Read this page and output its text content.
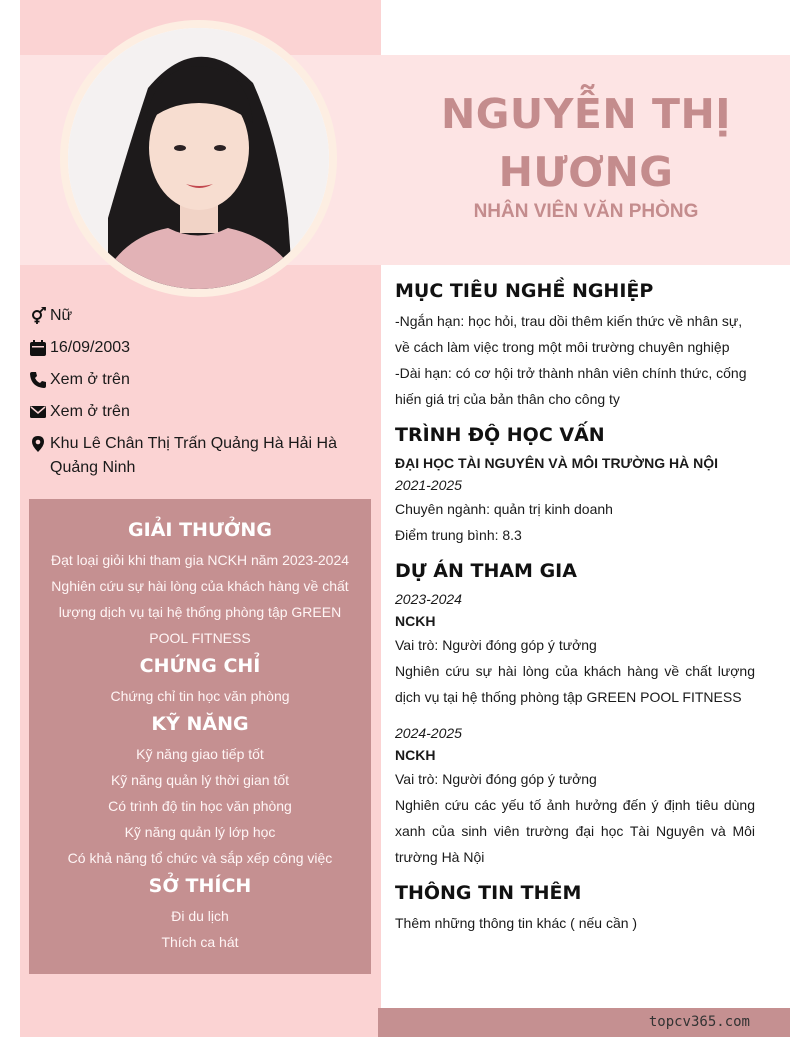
NGUYỄN THỊ
HƯƠNG
NHÂN VIÊN VĂN PHÒNG
Nữ
16/09/2003
Xem ở trên
Xem ở trên
Khu Lê Chân Thị Trấn Quảng Hà Hải Hà Quảng Ninh
GIẢI THƯỞNG
Đạt loại giỏi khi tham gia NCKH năm 2023-2024
Nghiên cứu sự hài lòng của khách hàng về chất lượng dịch vụ tại hệ thống phòng tập GREEN POOL FITNESS
CHỨNG CHỈ
Chứng chỉ tin học văn phòng
KỸ NĂNG
Kỹ năng giao tiếp tốt
Kỹ năng quản lý thời gian tốt
Có trình độ tin học văn phòng
Kỹ năng quản lý lớp học
Có khả năng tổ chức và sắp xếp công việc
SỞ THÍCH
Đi du lịch
Thích ca hát
MỤC TIÊU NGHỀ NGHIỆP
-Ngắn hạn: học hỏi, trau dồi thêm kiến thức về nhân sự, về cách làm việc trong một môi trường chuyên nghiệp
-Dài hạn: có cơ hội trở thành nhân viên chính thức, cống hiến giá trị của bản thân cho công ty
TRÌNH ĐỘ HỌC VẤN
ĐẠI HỌC TÀI NGUYÊN VÀ MÔI TRƯỜNG HÀ NỘI
2021-2025
Chuyên ngành: quản trị kinh doanh
Điểm trung bình: 8.3
DỰ ÁN THAM GIA
2023-2024
NCKH
Vai trò: Người đóng góp ý tưởng
Nghiên cứu sự hài lòng của khách hàng về chất lượng dịch vụ tại hệ thống phòng tập GREEN POOL FITNESS
2024-2025
NCKH
Vai trò: Người đóng góp ý tưởng
Nghiên cứu các yếu tố ảnh hưởng đến ý định tiêu dùng xanh của sinh viên trường đại học Tài Nguyên và Môi trường Hà Nội
THÔNG TIN THÊM
Thêm những thông tin khác ( nếu cần )
topcv365.com
